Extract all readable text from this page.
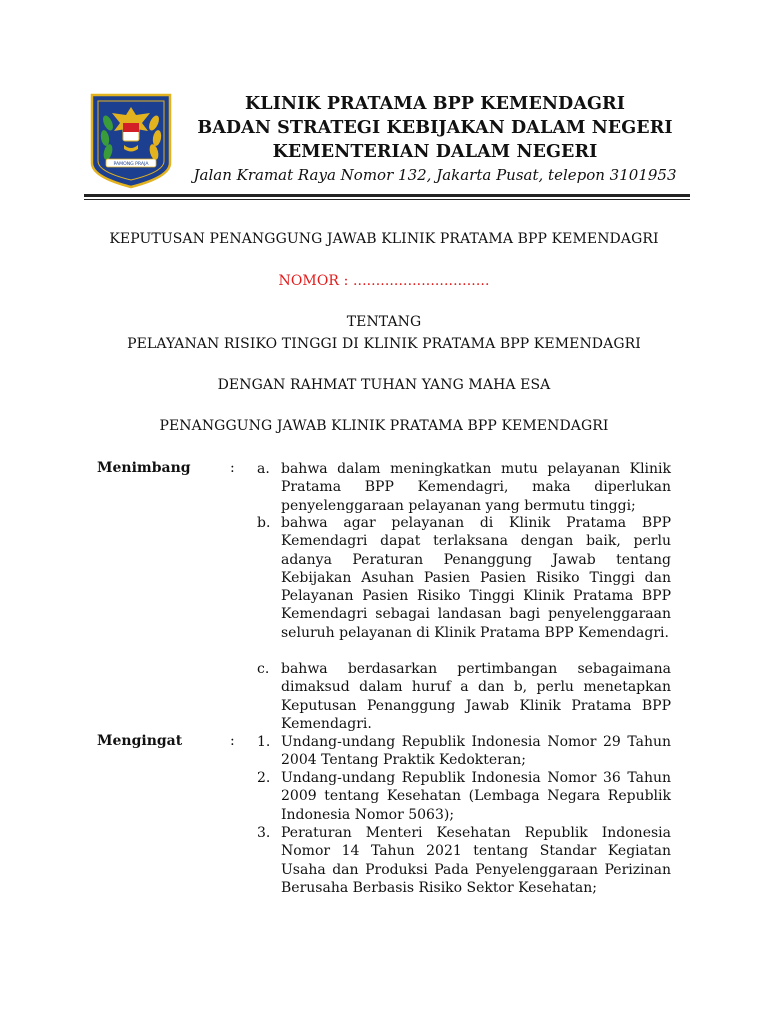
PAMONG PRAJA
KLINIK PRATAMA BPP KEMENDAGRI
BADAN STRATEGI KEBIJAKAN DALAM NEGERI
KEMENTERIAN DALAM NEGERI
Jalan Kramat Raya Nomor 132, Jakarta Pusat, telepon 3101953
KEPUTUSAN PENANGGUNG JAWAB KLINIK PRATAMA BPP KEMENDAGRI
NOMOR : ..............................
TENTANG
PELAYANAN RISIKO TINGGI DI KLINIK PRATAMA BPP KEMENDAGRI
DENGAN RAHMAT TUHAN YANG MAHA ESA
PENANGGUNG JAWAB KLINIK PRATAMA BPP KEMENDAGRI
Menimbang	: a. bahwa dalam meningkatkan mutu pelayanan Klinik Pratama BPP Kemendagri, maka diperlukan penyelenggaraan pelayanan yang bermutu tinggi;
b. bahwa agar pelayanan di Klinik Pratama BPP Kemendagri dapat terlaksana dengan baik, perlu adanya Peraturan Penanggung Jawab tentang Kebijakan Asuhan Pasien Pasien Risiko Tinggi dan Pelayanan Pasien Risiko Tinggi Klinik Pratama BPP Kemendagri sebagai landasan bagi penyelenggaraan seluruh pelayanan di Klinik Pratama BPP Kemendagri.
c. bahwa berdasarkan pertimbangan sebagaimana dimaksud dalam huruf a dan b, perlu menetapkan Keputusan Penanggung Jawab Klinik Pratama BPP Kemendagri.
Mengingat	: 1. Undang-undang Republik Indonesia Nomor 29 Tahun 2004 Tentang Praktik Kedokteran;
2. Undang-undang Republik Indonesia Nomor 36 Tahun 2009 tentang Kesehatan (Lembaga Negara Republik Indonesia Nomor 5063);
3. Peraturan Menteri Kesehatan Republik Indonesia Nomor 14 Tahun 2021 tentang Standar Kegiatan Usaha dan Produksi Pada Penyelenggaraan Perizinan Berusaha Berbasis Risiko Sektor Kesehatan;
